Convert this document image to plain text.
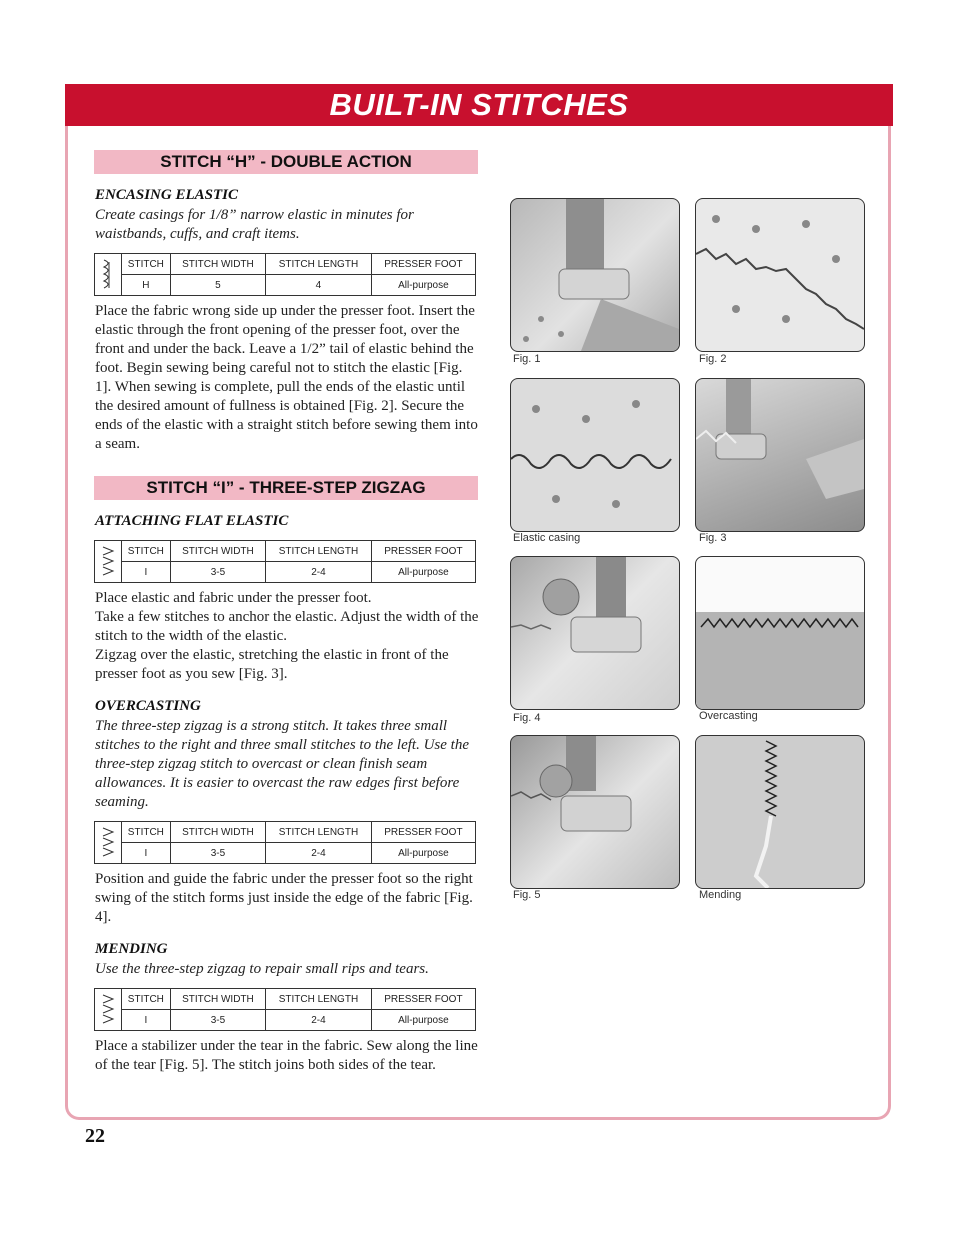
BUILT-IN STITCHES
STITCH “H” - DOUBLE ACTION
ENCASING ELASTIC
Create casings for 1/8” narrow elastic in minutes for waistbands, cuffs, and craft items.
	STITCH	STITCH WIDTH	STITCH LENGTH	PRESSER FOOT
	H	5	4	All-purpose
Place the fabric wrong side up under the presser foot. Insert the elastic through the front opening of the presser foot, over the front and under the back. Leave a 1/2” tail of elastic behind the foot. Begin sewing being careful not to stitch the elastic [Fig. 1]. When sewing is complete, pull the ends of the elastic until the desired amount of fullness is obtained [Fig. 2]. Secure the ends of the elastic with a straight stitch before sewing them into a seam.
STITCH “I” - THREE-STEP ZIGZAG
ATTACHING FLAT ELASTIC
	STITCH	STITCH WIDTH	STITCH LENGTH	PRESSER FOOT
	I	3-5	2-4	All-purpose

Place elastic and fabric under the presser foot.

Take a few stitches to anchor the elastic. Adjust the width of the stitch to the width of the elastic.

Zigzag over the elastic, stretching the elastic in front of the presser foot as you sew [Fig. 3].

OVERCASTING
The three-step zigzag is a strong stitch. It takes three small stitches to the right and three small stitches to the left. Use the three-step zigzag stitch to overcast or clean finish seam allowances. It is easier to overcast the raw edges first before seaming.
	STITCH	STITCH WIDTH	STITCH LENGTH	PRESSER FOOT
	I	3-5	2-4	All-purpose
Position and guide the fabric under the presser foot so the right swing of the stitch forms just inside the edge of the fabric [Fig. 4].
MENDING
Use the three-step zigzag to repair small rips and tears.
	STITCH	STITCH WIDTH	STITCH LENGTH	PRESSER FOOT
	I	3-5	2-4	All-purpose
Place a stabilizer under the tear in the fabric. Sew along the line of the tear [Fig. 5]. The stitch joins both sides of the tear.
Fig. 1	Fig. 2
Elastic casing	Fig. 3
Fig. 4	Overcasting
Fig. 5	Mending
22
